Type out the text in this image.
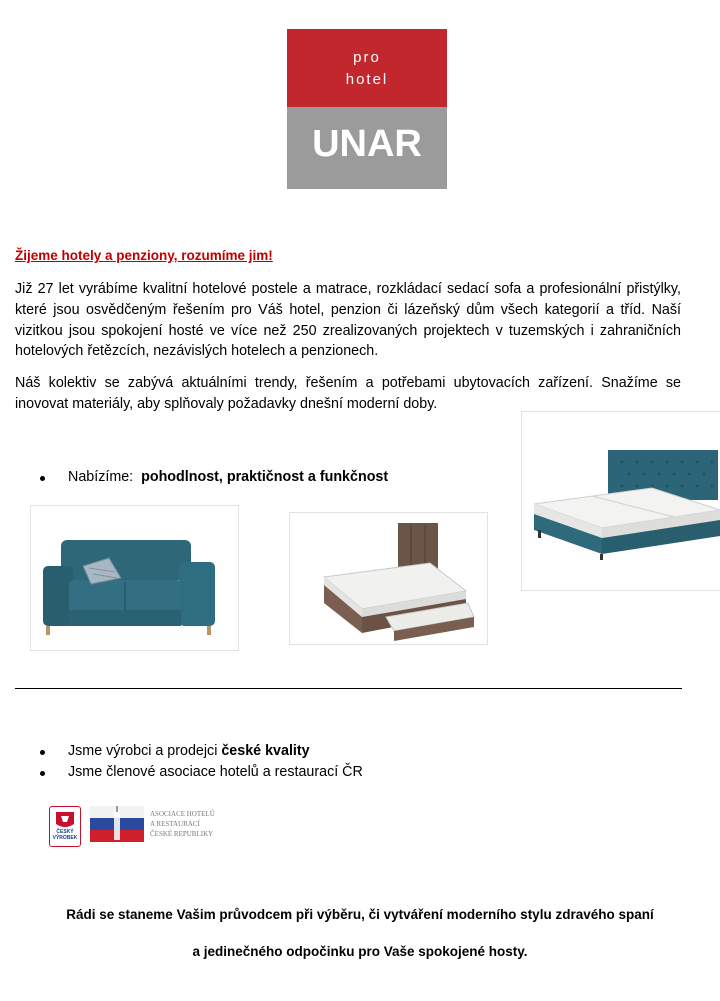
pro
hotel
UNAR
Žijeme hotely a penziony, rozumíme jim!
Již 27 let vyrábíme kvalitní hotelové postele a matrace, rozkládací sedací sofa a profesionální přistýlky, které jsou osvědčeným řešením pro Váš hotel, penzion či lázeňský dům všech kategorií a tříd. Naší vizitkou jsou spokojení hosté ve více než 250 zrealizovaných projektech v tuzemských i zahraničních hotelových řetězcích, nezávislých hotelech a penzionech.
Náš kolektiv se zabývá aktuálními trendy, řešením a potřebami ubytovacích zařízení. Snažíme se inovovat materiály, aby splňovaly požadavky dnešní moderní doby.
Nabízíme: pohodlnost, praktičnost a funkčnost
Jsme výrobci a prodejci české kvality
Jsme členové asociace hotelů a restaurací ČR
ČESKÝ
VÝROBEK
ASOCIACE HOTELŮ
A RESTAURACÍ
ČESKÉ REPUBLIKY
Rádi se staneme Vašim průvodcem při výběru, či vytváření moderního stylu zdravého spaní
a jedinečného odpočinku pro Vaše spokojené hosty.
